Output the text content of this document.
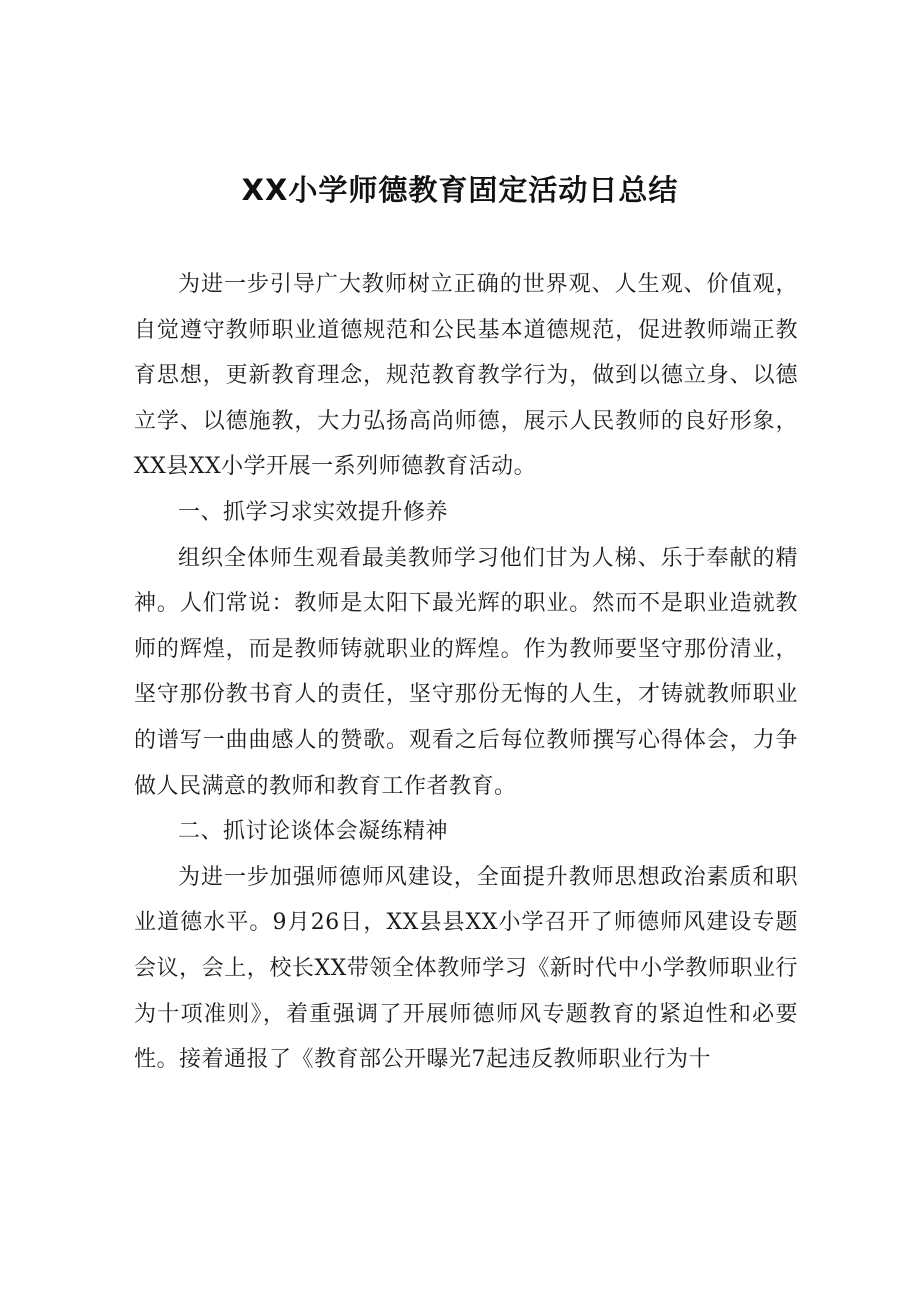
XX小学师德教育固定活动日总结

为进一步引导广大教师树立正确的世界观、人生观、价值观，自觉遵守教师职业道德规范和公民基本道德规范，促进教师端正教育思想，更新教育理念，规范教育教学行为，做到以德立身、以德立学、以德施教，大力弘扬高尚师德，展示人民教师的良好形象，XX县XX小学开展一系列师德教育活动。

一、抓学习求实效提升修养

组织全体师生观看最美教师学习他们甘为人梯、乐于奉献的精神。人们常说：教师是太阳下最光辉的职业。然而不是职业造就教师的辉煌，而是教师铸就职业的辉煌。作为教师要坚守那份清业，坚守那份教书育人的责任，坚守那份无悔的人生，才铸就教师职业的谱写一曲曲感人的赞歌。观看之后每位教师撰写心得体会，力争做人民满意的教师和教育工作者教育。

二、抓讨论谈体会凝练精神

为进一步加强师德师风建设，全面提升教师思想政治素质和职业道德水平。9月26日，XX县县XX小学召开了师德师风建设专题会议，会上，校长XX带领全体教师学习《新时代中小学教师职业行为十项准则》，着重强调了开展师德师风专题教育的紧迫性和必要性。接着通报了《教育部公开曝光7起违反教师职业行为十
